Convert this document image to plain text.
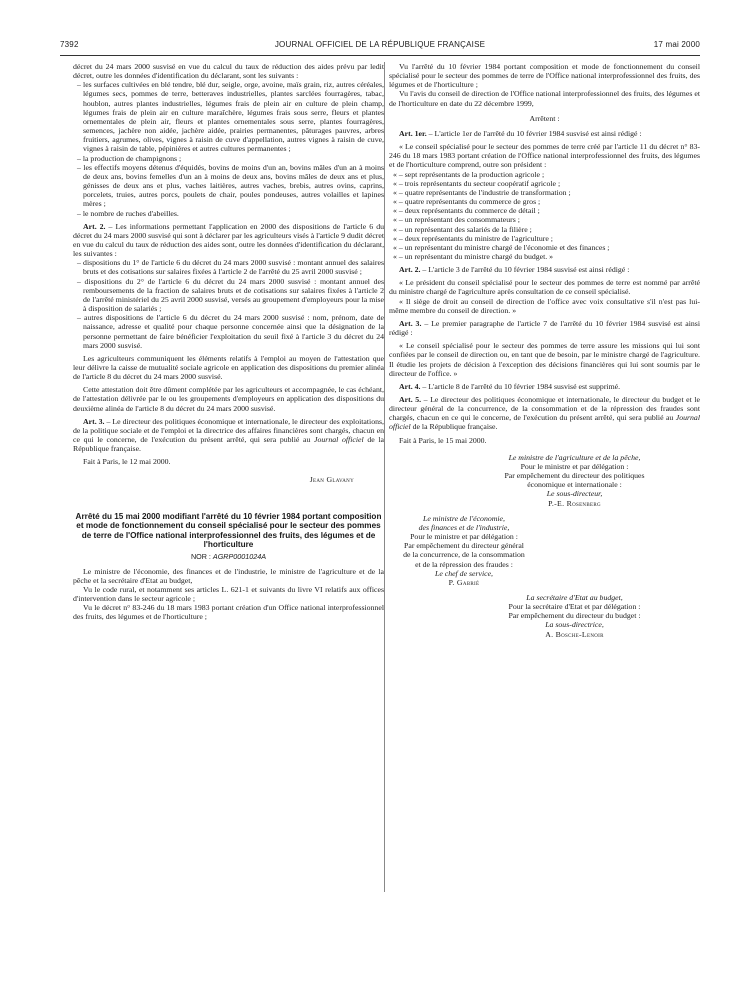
7392	JOURNAL OFFICIEL DE LA RÉPUBLIQUE FRANÇAISE	17 mai 2000

décret du 24 mars 2000 susvisé en vue du calcul du taux de réduction des aides prévu par ledit décret, outre les données d'identification du déclarant, sont les suivants :

– les surfaces cultivées en blé tendre, blé dur, seigle, orge, avoine, maïs grain, riz, autres céréales, légumes secs, pommes de terre, betteraves industrielles, plantes sarclées fourragères, tabac, houblon, autres plantes industrielles, légumes frais de plein air en culture de plein champ, légumes frais de plein air en culture maraîchère, légumes frais sous serre, fleurs et plantes ornementales de plein air, fleurs et plantes ornementales sous serre, plantes fourragères, semences, jachère non aidée, jachère aidée, prairies permanentes, pâturages pauvres, arbres fruitiers, agrumes, olives, vignes à raisin de cuve d'appellation, autres vignes à raisin de cuve, vignes à raisin de table, pépinières et autres cultures permanentes ;

– la production de champignons ;

– les effectifs moyens détenus d'équidés, bovins de moins d'un an, bovins mâles d'un an à moins de deux ans, bovins femelles d'un an à moins de deux ans, bovins mâles de deux ans et plus, génisses de deux ans et plus, vaches laitières, autres vaches, brebis, autres ovins, caprins, porcelets, truies, autres porcs, poulets de chair, poules pondeuses, autres volailles et lapines mères ;

– le nombre de ruches d'abeilles.

Art. 2. – Les informations permettant l'application en 2000 des dispositions de l'article 6 du décret du 24 mars 2000 susvisé qui sont à déclarer par les agriculteurs visés à l'article 9 dudit décret en vue du calcul du taux de réduction des aides sont, outre les données d'identification du déclarant, les suivantes :

– dispositions du 1° de l'article 6 du décret du 24 mars 2000 susvisé : montant annuel des salaires bruts et des cotisations sur salaires fixées à l'article 2 de l'arrêté du 25 avril 2000 susvisé ;

– dispositions du 2° de l'article 6 du décret du 24 mars 2000 susvisé : montant annuel des remboursements de la fraction de salaires bruts et de cotisations sur salaires fixées à l'article 2 de l'arrêté ministériel du 25 avril 2000 susvisé, versés au groupement d'employeurs pour la mise à disposition de salariés ;

– autres dispositions de l'article 6 du décret du 24 mars 2000 susvisé : nom, prénom, date de naissance, adresse et qualité pour chaque personne concernée ainsi que la désignation de la personne permettant de faire bénéficier l'exploitation du seuil fixé à l'article 3 du décret du 24 mars 2000 susvisé.

Les agriculteurs communiquent les éléments relatifs à l'emploi au moyen de l'attestation que leur délivre la caisse de mutualité sociale agricole en application des dispositions du premier alinéa de l'article 8 du décret du 24 mars 2000 susvisé.

Cette attestation doit être dûment complétée par les agriculteurs et accompagnée, le cas échéant, de l'attestation délivrée par le ou les groupements d'employeurs en application des dispositions du deuxième alinéa de l'article 8 du décret du 24 mars 2000 susvisé.

Art. 3. – Le directeur des politiques économique et internationale, le directeur des exploitations, de la politique sociale et de l'emploi et la directrice des affaires financières sont chargés, chacun en ce qui le concerne, de l'exécution du présent arrêté, qui sera publié au Journal officiel de la République française.

Fait à Paris, le 12 mai 2000.

Jean Glavany

Arrêté du 15 mai 2000 modifiant l'arrêté du 10 février 1984 portant composition et mode de fonctionnement du conseil spécialisé pour le secteur des pommes de terre de l'Office national interprofessionnel des fruits, des légumes et de l'horticulture
NOR : AGRP0001024A

Le ministre de l'économie, des finances et de l'industrie, le ministre de l'agriculture et de la pêche et la secrétaire d'Etat au budget,

Vu le code rural, et notamment ses articles L. 621-1 et suivants du livre VI relatifs aux offices d'intervention dans le secteur agricole ;

Vu le décret n° 83-246 du 18 mars 1983 portant création d'un Office national interprofessionnel des fruits, des légumes et de l'horticulture ;

Vu l'arrêté du 10 février 1984 portant composition et mode de fonctionnement du conseil spécialisé pour le secteur des pommes de terre de l'Office national interprofessionnel des fruits, des légumes et de l'horticulture ;

Vu l'avis du conseil de direction de l'Office national interprofessionnel des fruits, des légumes et de l'horticulture en date du 22 décembre 1999,

Arrêtent :

Art. 1er. – L'article 1er de l'arrêté du 10 février 1984 susvisé est ainsi rédigé :

« Le conseil spécialisé pour le secteur des pommes de terre créé par l'article 11 du décret n° 83-246 du 18 mars 1983 portant création de l'Office national interprofessionnel des fruits, des légumes et de l'horticulture comprend, outre son président :

« – sept représentants de la production agricole ;

« – trois représentants du secteur coopératif agricole ;

« – quatre représentants de l'industrie de transformation ;

« – quatre représentants du commerce de gros ;

« – deux représentants du commerce de détail ;

« – un représentant des consommateurs ;

« – un représentant des salariés de la filière ;

« – deux représentants du ministre de l'agriculture ;

« – un représentant du ministre chargé de l'économie et des finances ;

« – un représentant du ministre chargé du budget. »

Art. 2. – L'article 3 de l'arrêté du 10 février 1984 susvisé est ainsi rédigé :

« Le président du conseil spécialisé pour le secteur des pommes de terre est nommé par arrêté du ministre chargé de l'agriculture après consultation de ce conseil spécialisé.

« Il siège de droit au conseil de direction de l'office avec voix consultative s'il n'est pas lui-même membre du conseil de direction. »

Art. 3. – Le premier paragraphe de l'article 7 de l'arrêté du 10 février 1984 susvisé est ainsi rédigé :

« Le conseil spécialisé pour le secteur des pommes de terre assure les missions qui lui sont confiées par le conseil de direction ou, en tant que de besoin, par le ministre chargé de l'agriculture. Il étudie les projets de décision à l'exception des décisions financières qui lui sont soumis par le directeur de l'office. »

Art. 4. – L'article 8 de l'arrêté du 10 février 1984 susvisé est supprimé.

Art. 5. – Le directeur des politiques économique et internationale, le directeur du budget et le directeur général de la concurrence, de la consommation et de la répression des fraudes sont chargés, chacun en ce qui le concerne, de l'exécution du présent arrêté, qui sera publié au Journal officiel de la République française.

Fait à Paris, le 15 mai 2000.

Le ministre de l'agriculture et de la pêche,
Pour le ministre et par délégation :
Par empêchement du directeur des politiques
économique et internationale :
Le sous-directeur,
P.-E. Rosenberg
Le ministre de l'économie,
des finances et de l'industrie,
Pour le ministre et par délégation :
Par empêchement du directeur général
de la concurrence, de la consommation
et de la répression des fraudes :
Le chef de service,
P. Gabrié
La secrétaire d'Etat au budget,
Pour la secrétaire d'Etat et par délégation :
Par empêchement du directeur du budget :
La sous-directrice,
A. Bosche-Lenoir
